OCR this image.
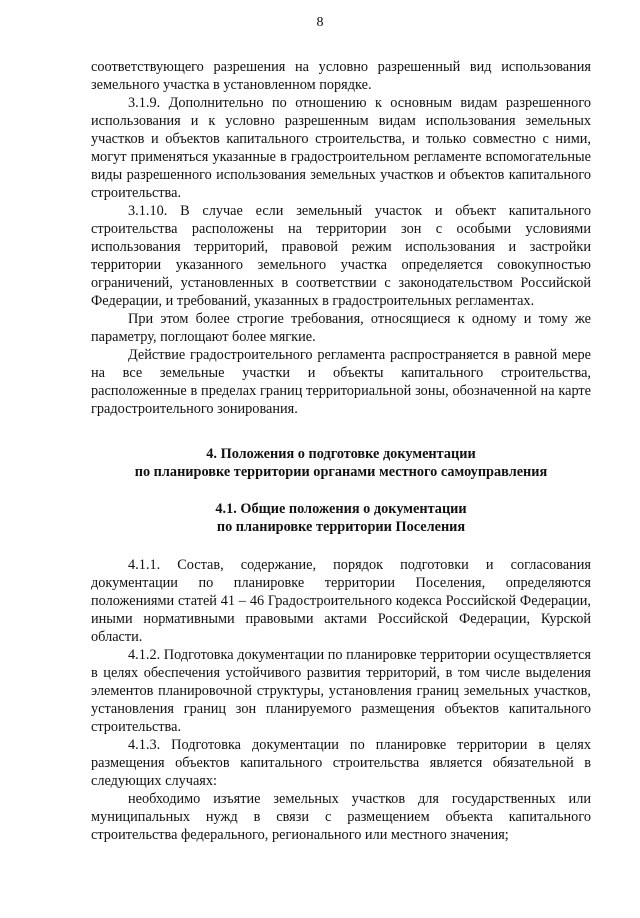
8

соответствующего разрешения на условно разрешенный вид использования земельного участка в установленном порядке.

3.1.9. Дополнительно по отношению к основным видам разрешенного использования и к условно разрешенным видам использования земельных участков и объектов капитального строительства, и только совместно с ними, могут применяться указанные в градостроительном регламенте вспомогательные виды разрешенного использования земельных участков и объектов капитального строительства.

3.1.10. В случае если земельный участок и объект капитального строительства расположены на территории зон с особыми условиями использования территорий, правовой режим использования и застройки территории указанного земельного участка определяется совокупностью ограничений, установленных в соответствии с законодательством Российской Федерации, и требований, указанных в градостроительных регламентах.

При этом более строгие требования, относящиеся к одному и тому же параметру, поглощают более мягкие.

Действие градостроительного регламента распространяется в равной мере на все земельные участки и объекты капитального строительства, расположенные в пределах границ территориальной зоны, обозначенной на карте градостроительного зонирования.

4. Положения о подготовке документации
по планировке территории органами местного самоуправления
4.1. Общие положения о документации
по планировке территории Поселения

4.1.1. Состав, содержание, порядок подготовки и согласования документации по планировке территории Поселения, определяются положениями статей 41 – 46 Градостроительного кодекса Российской Федерации, иными нормативными правовыми актами Российской Федерации, Курской области.

4.1.2. Подготовка документации по планировке территории осуществляется в целях обеспечения устойчивого развития территорий, в том числе выделения элементов планировочной структуры, установления границ земельных участков, установления границ зон планируемого размещения объектов капитального строительства.

4.1.3. Подготовка документации по планировке территории в целях размещения объектов капитального строительства является обязательной в следующих случаях:

необходимо изъятие земельных участков для государственных или муниципальных нужд в связи с размещением объекта капитального строительства федерального, регионального или местного значения;
